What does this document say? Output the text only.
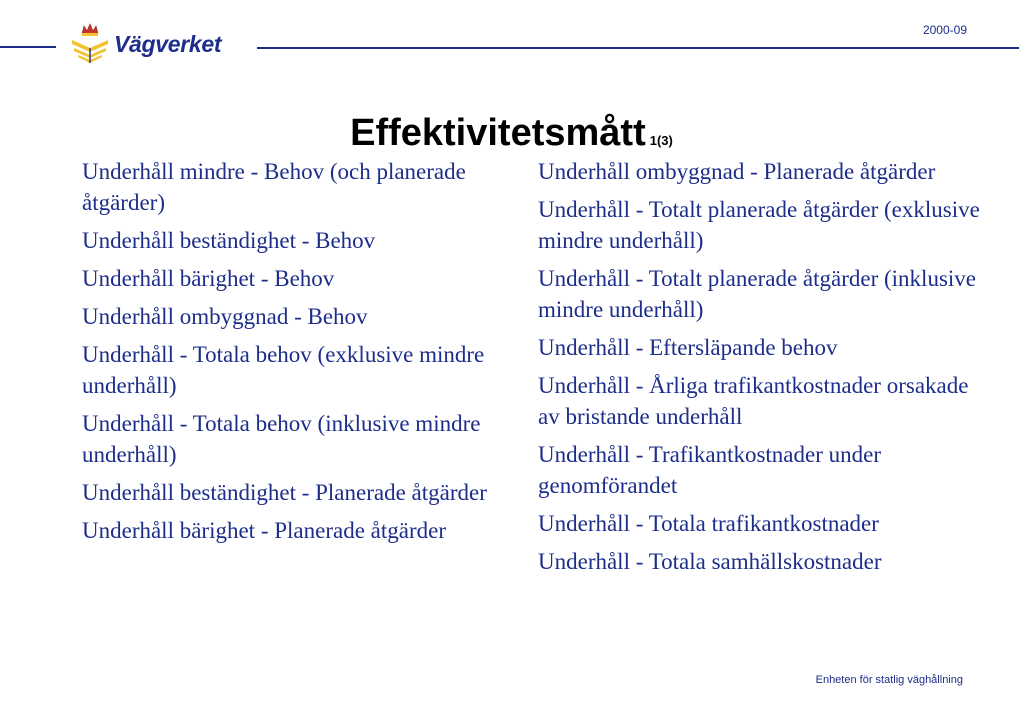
Vägverket
2000-09
Effektivitetsmått 1(3)
Underhåll mindre - Behov (och planerade åtgärder)
Underhåll beständighet - Behov
Underhåll bärighet - Behov
Underhåll ombyggnad - Behov
Underhåll - Totala behov (exklusive mindre underhåll)
Underhåll - Totala behov (inklusive mindre underhåll)
Underhåll beständighet - Planerade åtgärder
Underhåll bärighet - Planerade åtgärder
Underhåll ombyggnad - Planerade åtgärder
Underhåll - Totalt planerade åtgärder (exklusive mindre underhåll)
Underhåll - Totalt planerade åtgärder (inklusive mindre underhåll)
Underhåll - Eftersläpande behov
Underhåll - Årliga trafikantkostnader orsakade av bristande underhåll
Underhåll - Trafikantkostnader under genomförandet
Underhåll - Totala trafikantkostnader
Underhåll - Totala samhällskostnader
Enheten för statlig väghållning
